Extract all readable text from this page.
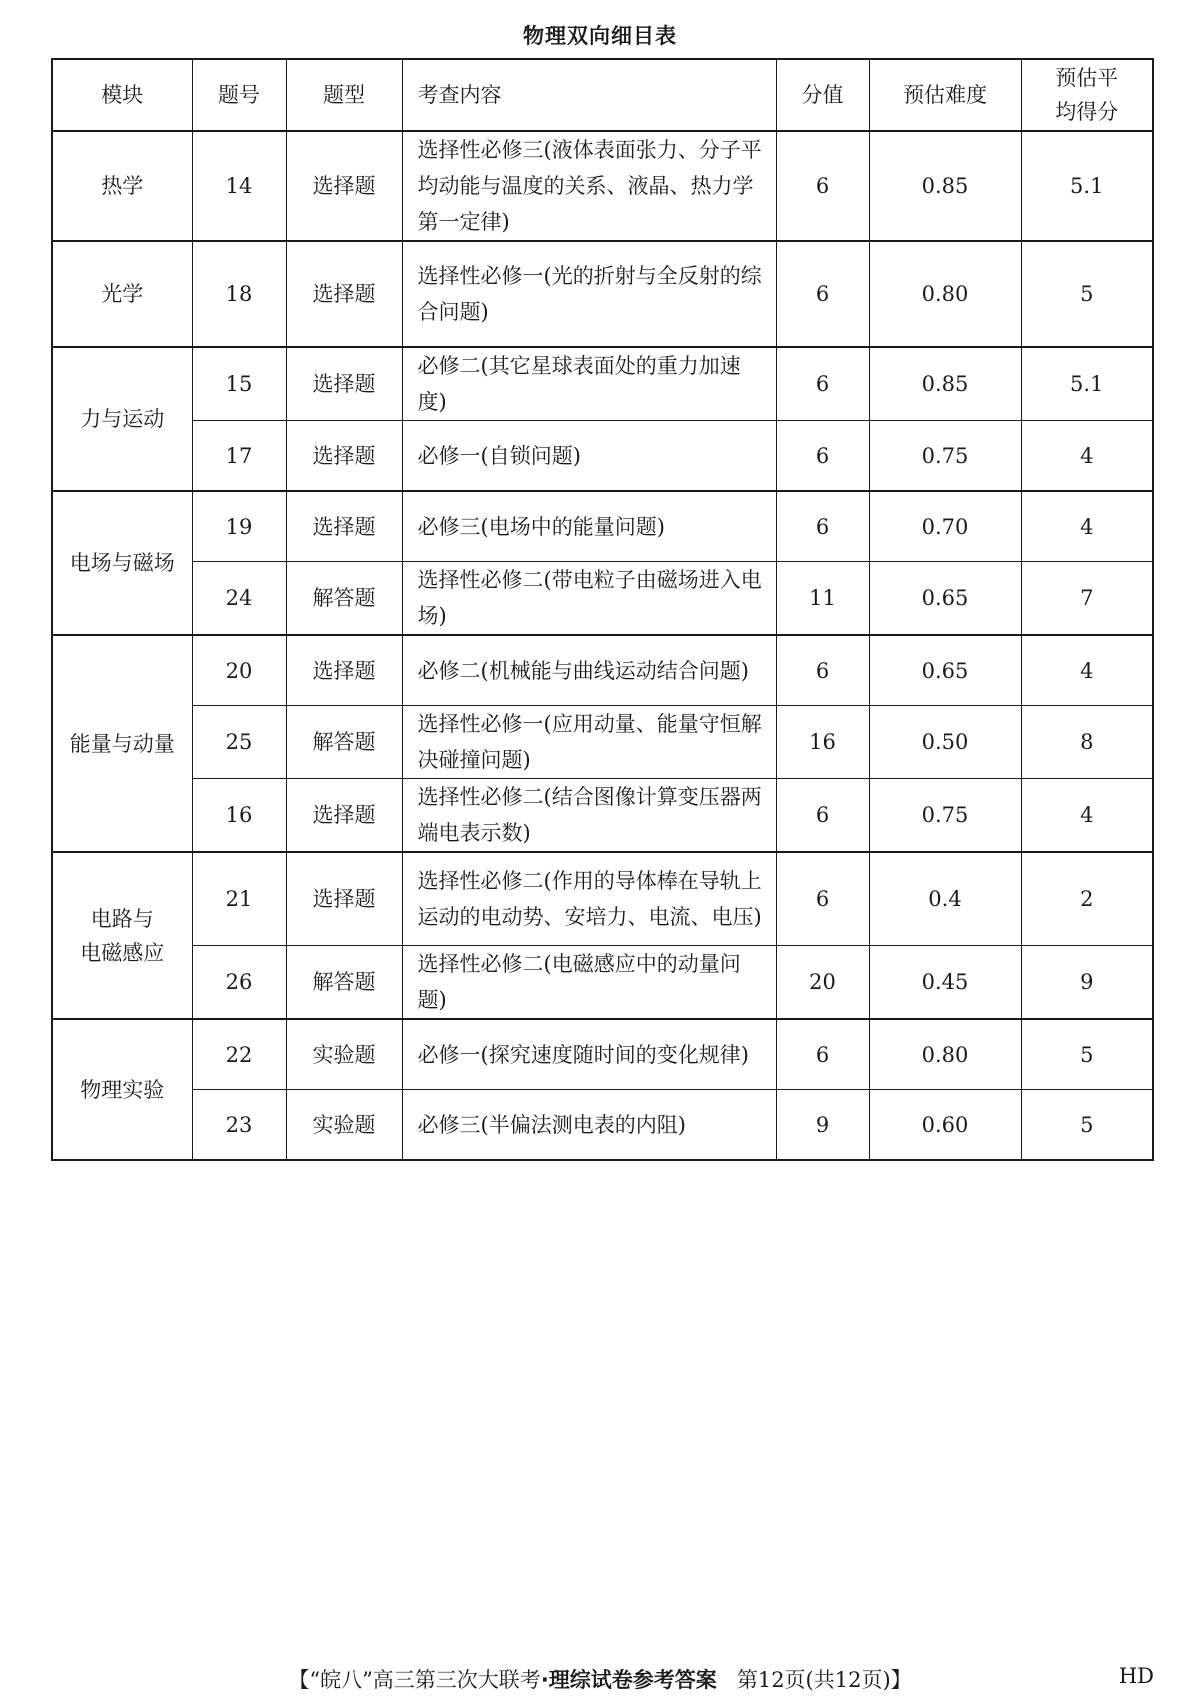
物理双向细目表
模块	题号	题型	考查内容	分值	预估难度	预估平
均得分
热学	14	选择题	选择性必修三(液体表面张力、分子平均动能与温度的关系、液晶、热力学第一定律)	6	0.85	5.1
光学	18	选择题	选择性必修一(光的折射与全反射的综合问题)	6	0.80	5
力与运动	15	选择题	必修二(其它星球表面处的重力加速度)	6	0.85	5.1
	17	选择题	必修一(自锁问题)	6	0.75	4
电场与磁场	19	选择题	必修三(电场中的能量问题)	6	0.70	4
	24	解答题	选择性必修二(带电粒子由磁场进入电场)	11	0.65	7
能量与动量	20	选择题	必修二(机械能与曲线运动结合问题)	6	0.65	4
	25	解答题	选择性必修一(应用动量、能量守恒解决碰撞问题)	16	0.50	8
	16	选择题	选择性必修二(结合图像计算变压器两端电表示数)	6	0.75	4
电路与
电磁感应	21	选择题	选择性必修二(作用的导体棒在导轨上运动的电动势、安培力、电流、电压)	6	0.4	2
	26	解答题	选择性必修二(电磁感应中的动量问题)	20	0.45	9
物理实验	22	实验题	必修一(探究速度随时间的变化规律)	6	0.80	5
	23	实验题	必修三(半偏法测电表的内阻)	9	0.60	5
【“皖八”高三第三次大联考·理综试卷参考答案 第12页(共12页)】	HD
